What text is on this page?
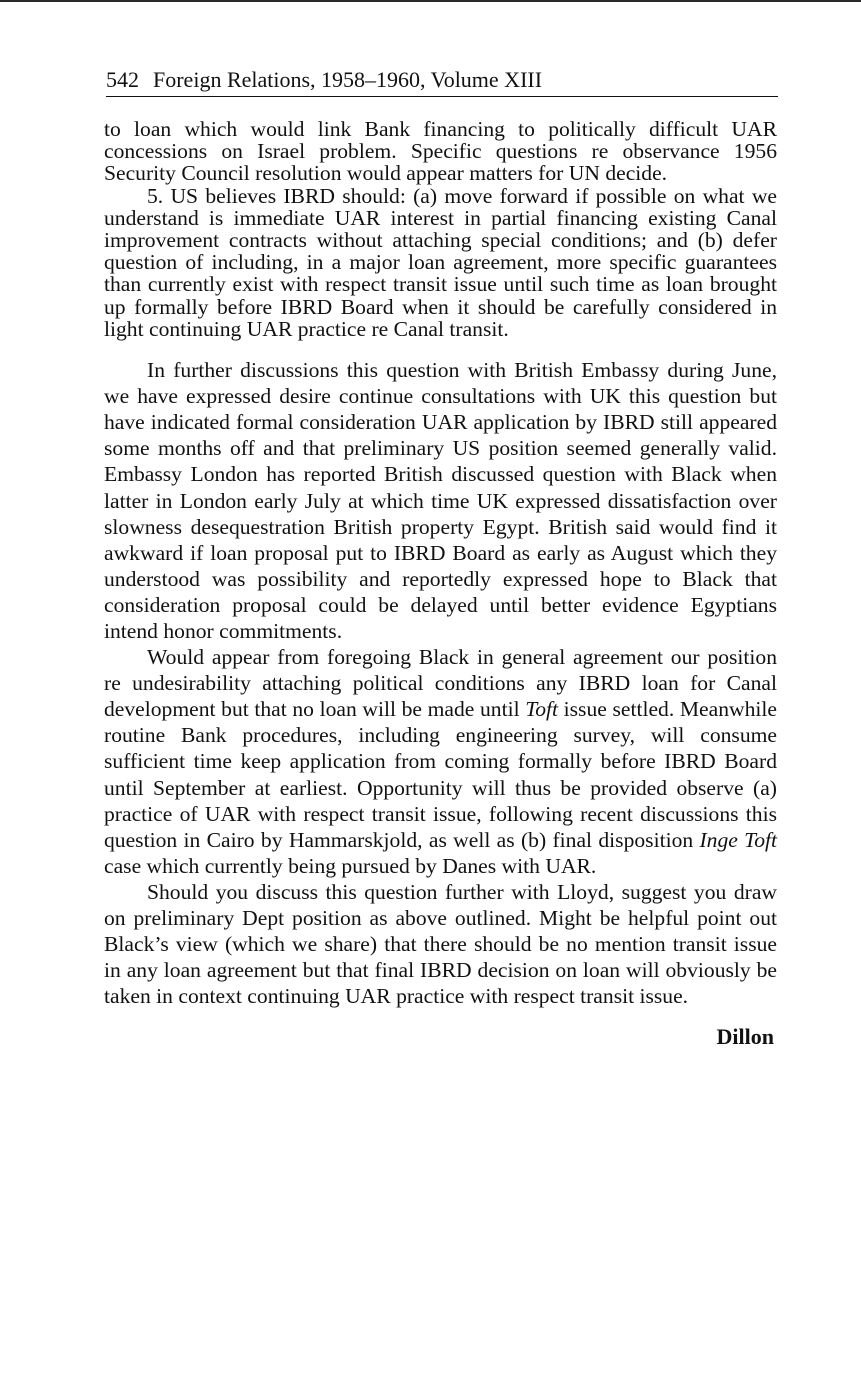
542 Foreign Relations, 1958–1960, Volume XIII

to loan which would link Bank financing to politically difficult UAR concessions on Israel problem. Specific questions re observance 1956 Security Council resolution would appear matters for UN decide.

5. US believes IBRD should: (a) move forward if possible on what we understand is immediate UAR interest in partial financing existing Canal improvement contracts without attaching special conditions; and (b) defer question of including, in a major loan agreement, more specific guarantees than currently exist with respect transit issue until such time as loan brought up formally before IBRD Board when it should be carefully considered in light continuing UAR practice re Canal transit.

In further discussions this question with British Embassy during June, we have expressed desire continue consultations with UK this question but have indicated formal consideration UAR application by IBRD still appeared some months off and that preliminary US position seemed generally valid. Embassy London has reported British discussed question with Black when latter in London early July at which time UK expressed dissatisfaction over slowness desequestration British property Egypt. British said would find it awkward if loan proposal put to IBRD Board as early as August which they understood was possibility and reportedly expressed hope to Black that consideration proposal could be delayed until better evidence Egyptians intend honor commitments.

Would appear from foregoing Black in general agreement our position re undesirability attaching political conditions any IBRD loan for Canal development but that no loan will be made until Toft issue settled. Meanwhile routine Bank procedures, including engineering survey, will consume sufficient time keep application from coming formally before IBRD Board until September at earliest. Opportunity will thus be provided observe (a) practice of UAR with respect transit issue, following recent discussions this question in Cairo by Hammarskjold, as well as (b) final disposition Inge Toft case which currently being pursued by Danes with UAR.

Should you discuss this question further with Lloyd, suggest you draw on preliminary Dept position as above outlined. Might be helpful point out Black’s view (which we share) that there should be no mention transit issue in any loan agreement but that final IBRD decision on loan will obviously be taken in context continuing UAR practice with respect transit issue.

Dillon
